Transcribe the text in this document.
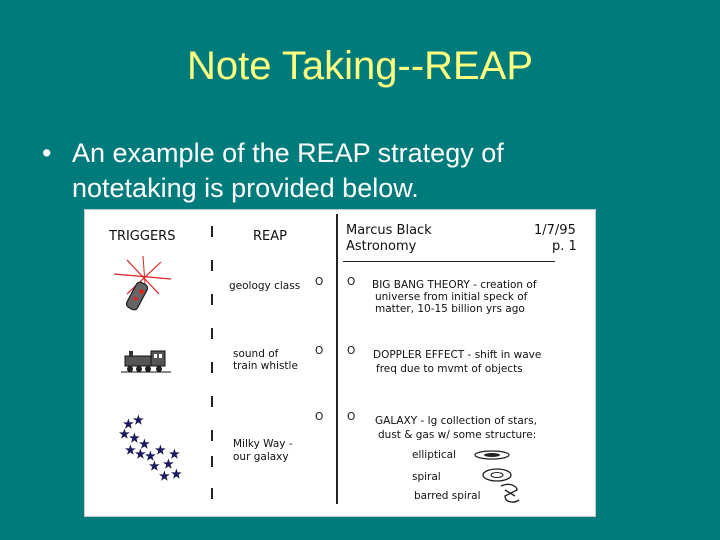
Note Taking--REAP
• An example of the REAP strategy of notetaking is provided below.
TRIGGERS	REAP	Marcus Black
Astronomy
1/7/95
p. 1
geology class O O BIG BANG THEORY - creation of
universe from initial speck of
matter, 10-15 billion yrs ago
sound of
train whistle
O O DOPPLER EFFECT - shift in wave
freq due to mvmt of objects
★ ★
★ ★ ★
★ ★ ★ ★
★ ★
★
★ ★
O O
Milky Way -
our galaxy
GALAXY - lg collection of stars,
dust & gas w/ some structure:
elliptical
spiral
barred spiral
